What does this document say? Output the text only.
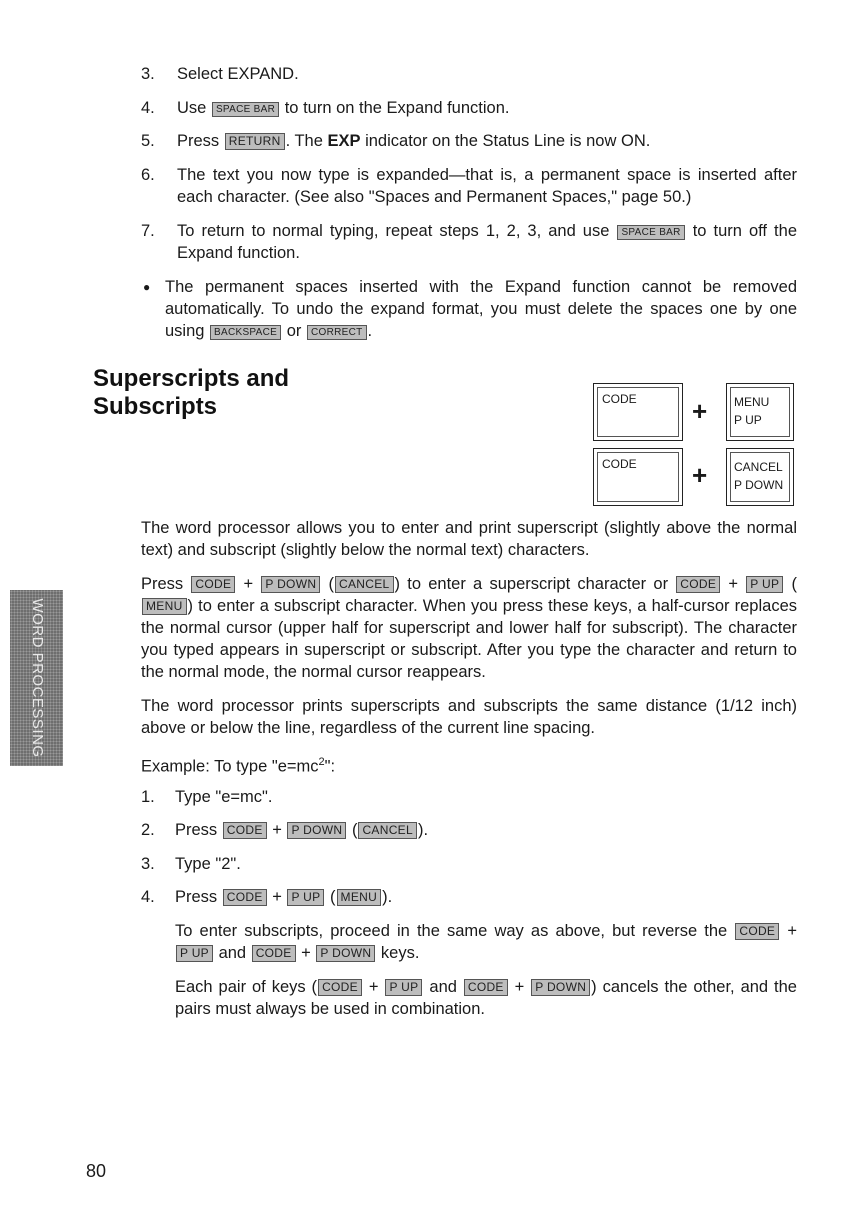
3. Select EXPAND.
4. Use SPACE BAR to turn on the Expand function.
5. Press RETURN . The EXP indicator on the Status Line is now ON.
6. The text you now type is expanded—that is, a permanent space is inserted after each character. (See also "Spaces and Permanent Spaces," page 50.)
7. To return to normal typing, repeat steps 1, 2, 3, and use SPACE BAR to turn off the Expand function.
● The permanent spaces inserted with the Expand function cannot be removed automatically. To undo the expand format, you must delete the spaces one by one using BACKSPACE or CORRECT .
Superscripts and
Subscripts	CODE	+	MENU
P UP
CODE	+	CANCEL
P DOWN
The word processor allows you to enter and print superscript (slightly above the normal text) and subscript (slightly below the normal text) characters.
Press CODE + P DOWN ( CANCEL ) to enter a superscript character or CODE + P UP (MENU ) to enter a subscript character. When you press these keys, a half-cursor replaces the normal cursor (upper half for superscript and lower half for subscript). The character you typed appears in superscript or subscript. After you type the character and return to the normal mode, the normal cursor reappears.
The word processor prints superscripts and subscripts the same distance (1/12 inch) above or below the line, regardless of the current line spacing.
Example: To type "$e=mc^2$":
1. Type "e=mc".
2. Press CODE + P DOWN ( CANCEL ).
3. Type "2".
4. Press CODE + P UP ( MENU ).
To enter subscripts, proceed in the same way as above, but reverse the CODE + P UP and CODE + P DOWN keys.
Each pair of keys ( CODE + P UP and CODE + P DOWN ) cancels the other, and the pairs must always be used in combination.
WORD PROCESSING
80
